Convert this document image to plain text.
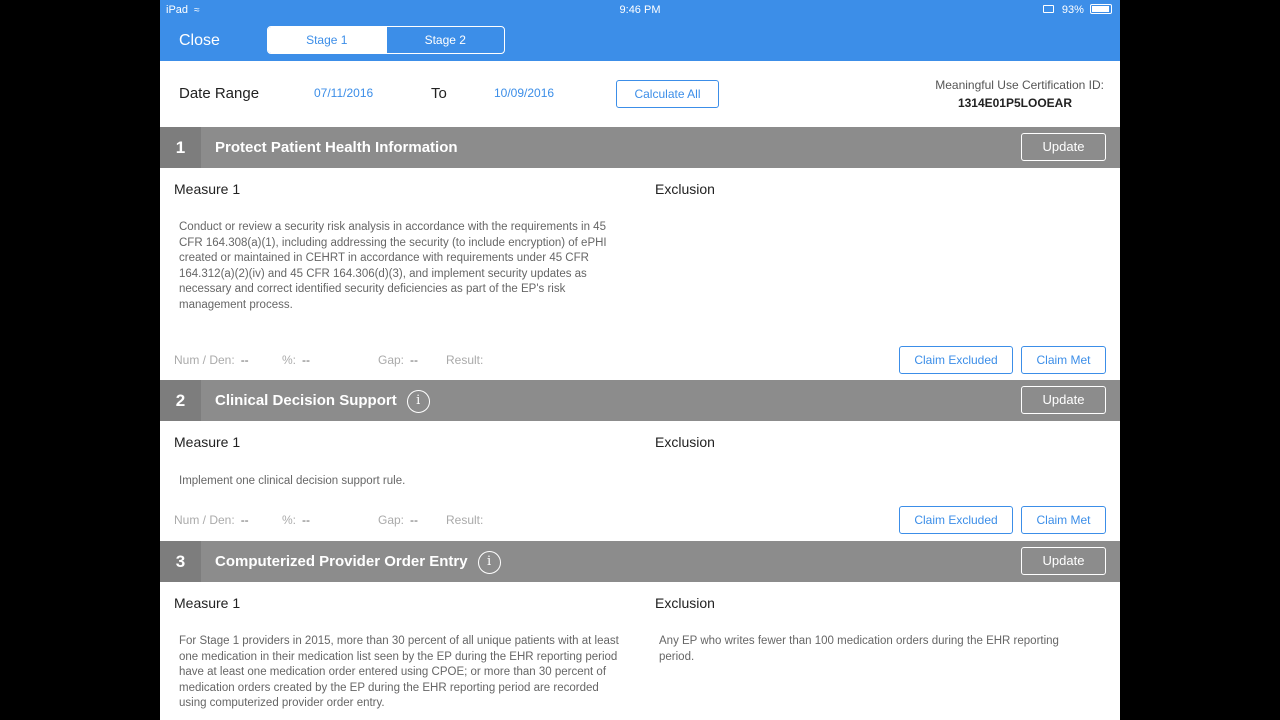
iPad ≈	9:46 PM	93%
Close	Stage 1	Stage 2
Date Range	07/11/2016	To	10/09/2016	Calculate All
Meaningful Use Certification ID:
1314E01P5LOOEAR
1	Protect Patient Health Information	Update
Measure 1	Exclusion
Conduct or review a security risk analysis in accordance with the requirements in 45 CFR 164.308(a)(1), including addressing the security (to include encryption) of ePHI created or maintained in CEHRT in accordance with requirements under 45 CFR 164.312(a)(2)(iv) and 45 CFR 164.306(d)(3), and implement security updates as necessary and correct identified security deficiencies as part of the EP's risk management process.
Num / Den: --	%: --	Gap: -- Result:	Claim Excluded	Claim Met
2	Clinical Decision Support i	Update
Measure 1	Exclusion
Implement one clinical decision support rule.
Num / Den: --	%: --	Gap: -- Result:	Claim Excluded	Claim Met
3	Computerized Provider Order Entry i	Update
Measure 1	Exclusion
For Stage 1 providers in 2015, more than 30 percent of all unique patients with at least one medication in their medication list seen by the EP during the EHR reporting period have at least one medication order entered using CPOE; or more than 30 percent of medication orders created by the EP during the EHR reporting period are recorded using computerized provider order entry.
Any EP who writes fewer than 100 medication orders during the EHR reporting period.
